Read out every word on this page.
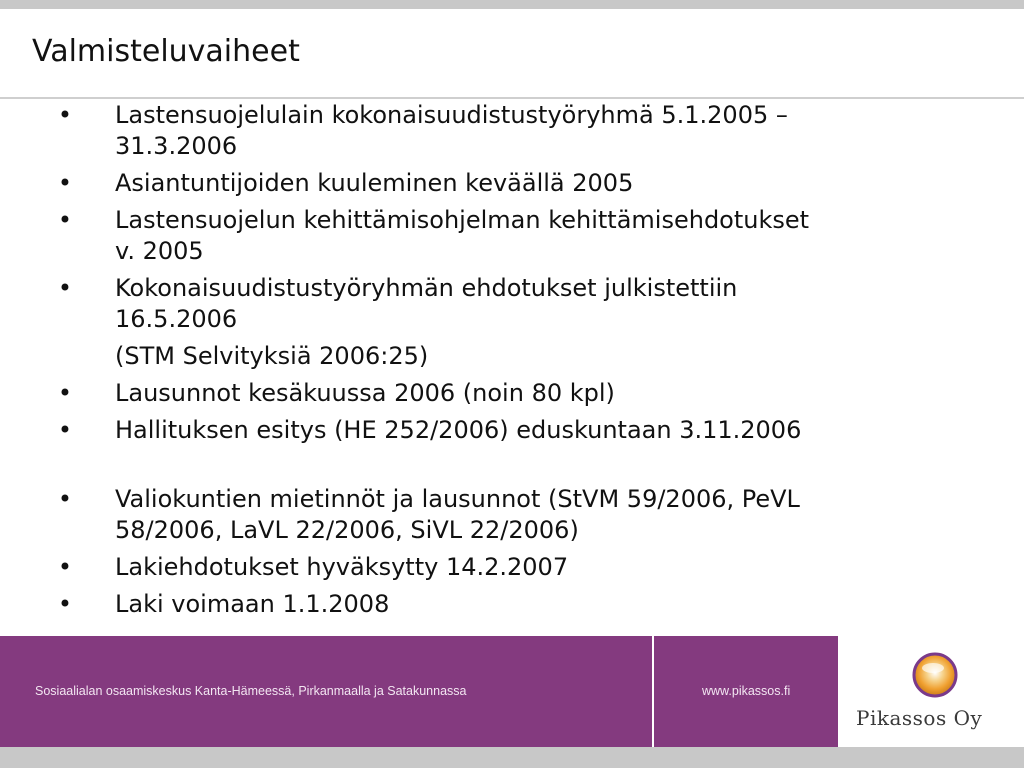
Valmisteluvaiheet
• Lastensuojelulain kokonaisuudistustyöryhmä 5.1.2005 –
31.3.2006
• Asiantuntijoiden kuuleminen keväällä 2005
• Lastensuojelun kehittämisohjelman kehittämisehdotukset
v. 2005
• Kokonaisuudistustyöryhmän ehdotukset julkistettiin
16.5.2006
(STM Selvityksiä 2006:25)
• Lausunnot kesäkuussa 2006 (noin 80 kpl)
• Hallituksen esitys (HE 252/2006) eduskuntaan 3.11.2006
• Valiokuntien mietinnöt ja lausunnot (StVM 59/2006, PeVL
58/2006, LaVL 22/2006, SiVL 22/2006)
• Lakiehdotukset hyväksytty 14.2.2007
• Laki voimaan 1.1.2008
Sosiaalialan osaamiskeskus Kanta-Hämeessä, Pirkanmaalla ja Satakunnassa	www.pikassos.fi
Pikassos Oy
